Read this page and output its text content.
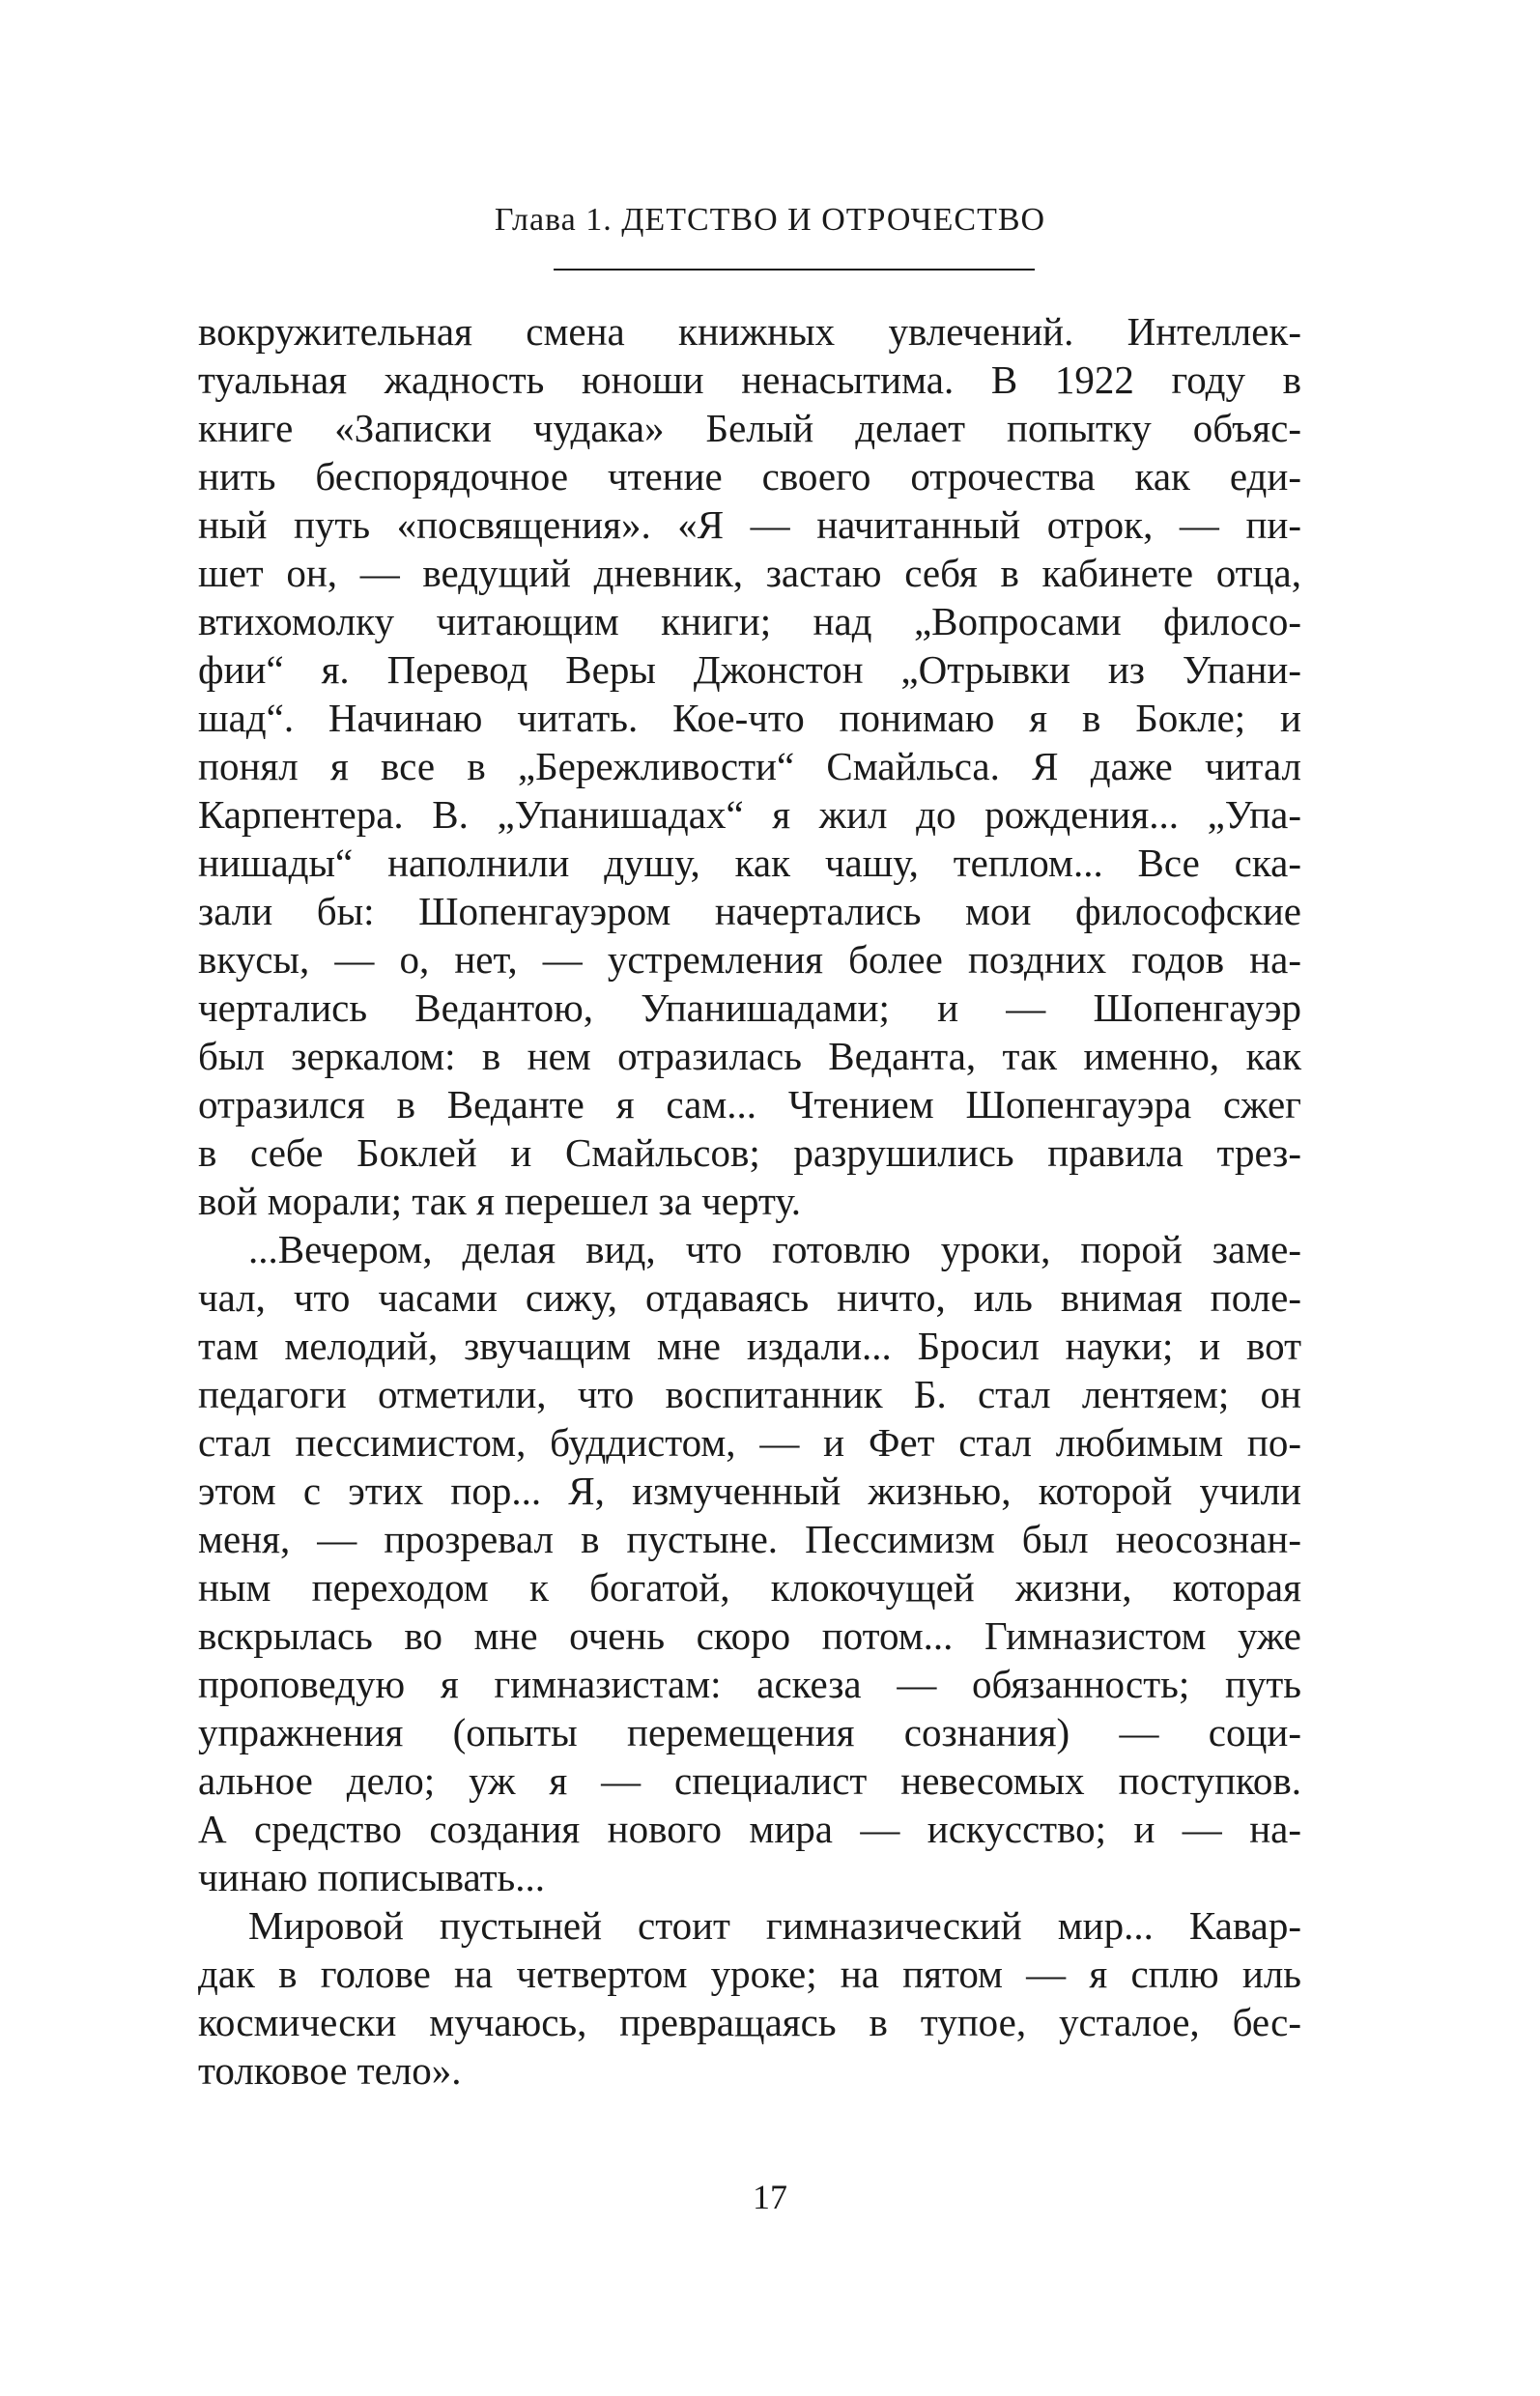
Глава 1. ДЕТСТВО И ОТРОЧЕСТВО
вокружительная смена книжных увлечений. Интеллек-
туальная жадность юноши ненасытима. В 1922 году в
книге «Записки чудака» Белый делает попытку объяс-
нить беспорядочное чтение своего отрочества как еди-
ный путь «посвящения». «Я — начитанный отрок, — пи-
шет он, — ведущий дневник, застаю себя в кабинете отца,
втихомолку читающим книги; над „Вопросами филосо-
фии“ я. Перевод Веры Джонстон „Отрывки из Упани-
шад“. Начинаю читать. Кое-что понимаю я в Бокле; и
понял я все в „Бережливости“ Смайльса. Я даже читал
Карпентера. В. „Упанишадах“ я жил до рождения... „Упа-
нишады“ наполнили душу, как чашу, теплом... Все ска-
зали бы: Шопенгауэром начертались мои философские
вкусы, — о, нет, — устремления более поздних годов на-
чертались Ведантою, Упанишадами; и — Шопенгауэр
был зеркалом: в нем отразилась Веданта, так именно, как
отразился в Веданте я сам... Чтением Шопенгауэра сжег
в себе Боклей и Смайльсов; разрушились правила трез-
вой морали; так я перешел за черту.
...Вечером, делая вид, что готовлю уроки, порой заме-
чал, что часами сижу, отдаваясь ничто, иль внимая поле-
там мелодий, звучащим мне издали... Бросил науки; и вот
педагоги отметили, что воспитанник Б. стал лентяем; он
стал пессимистом, буддистом, — и Фет стал любимым по-
этом с этих пор... Я, измученный жизнью, которой учили
меня, — прозревал в пустыне. Пессимизм был неосознан-
ным переходом к богатой, клокочущей жизни, которая
вскрылась во мне очень скоро потом... Гимназистом уже
проповедую я гимназистам: аскеза — обязанность; путь
упражнения (опыты перемещения сознания) — соци-
альное дело; уж я — специалист невесомых поступков.
А средство создания нового мира — искусство; и — на-
чинаю пописывать...
Мировой пустыней стоит гимназический мир... Кавар-
дак в голове на четвертом уроке; на пятом — я сплю иль
космически мучаюсь, превращаясь в тупое, усталое, бес-
толковое тело».
17
